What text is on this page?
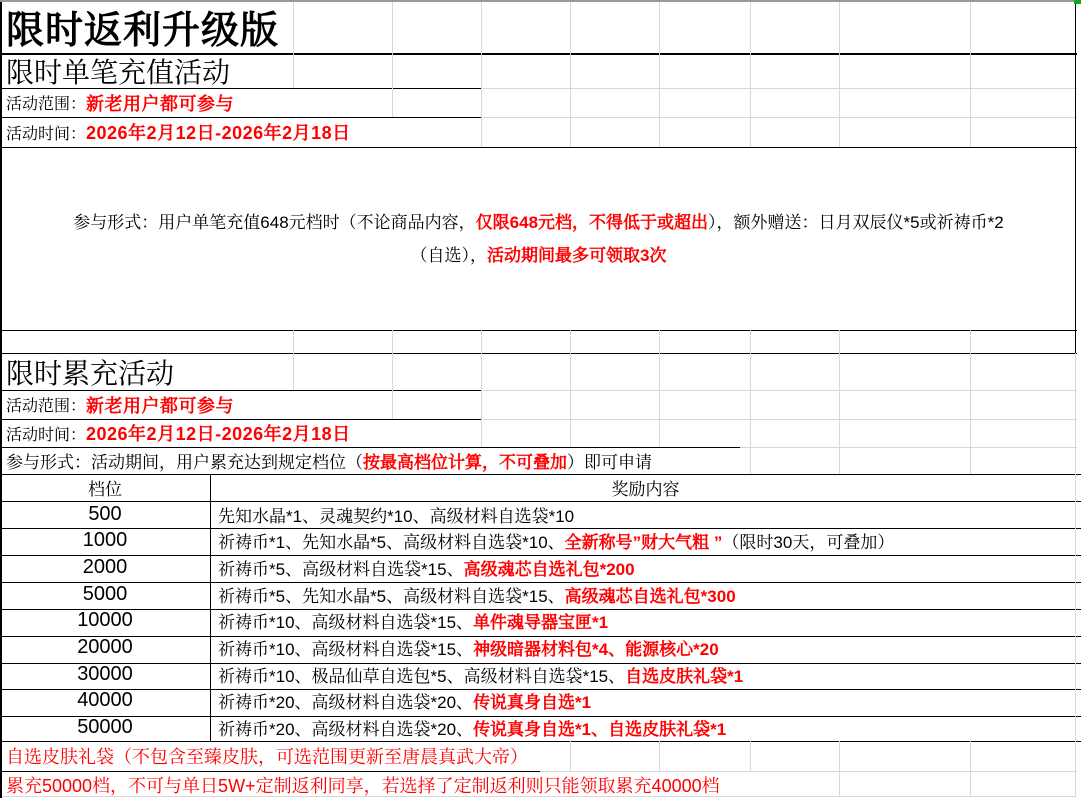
限时返利升级版
限时单笔充值活动
活动范围： 新老用户都可参与
活动时间： 2026年2月12日-2026年2月18日
参与形式：用户单笔充值648元档时（不论商品内容，仅限648元档，不得低于或超出），额外赠送：日月双辰仪*5或祈祷币*2（自选），活动期间最多可领取3次
限时累充活动
活动范围： 新老用户都可参与
活动时间： 2026年2月12日-2026年2月18日
参与形式：活动期间，用户累充达到规定档位（按最高档位计算，不可叠加）即可申请
档位	奖励内容
500	先知水晶*1、灵魂契约*10、高级材料自选袋*10
1000	祈祷币*1、先知水晶*5、高级材料自选袋*10、 全新称号”财大气粗 ” （限时30天，可叠加）
2000	祈祷币*5、高级材料自选袋*15、 高级魂芯自选礼包*200
5000	祈祷币*5、先知水晶*5、高级材料自选袋*15、 高级魂芯自选礼包*300
10000	祈祷币*10、高级材料自选袋*15、 单件魂导器宝匣*1
20000	祈祷币*10、高级材料自选袋*15、 神级暗器材料包*4、能源核心*20
30000	祈祷币*10、极品仙草自选包*5、高级材料自选袋*15、 自选皮肤礼袋*1
40000	祈祷币*20、高级材料自选袋*20、 传说真身自选*1
50000	祈祷币*20、高级材料自选袋*20、 传说真身自选*1、自选皮肤礼袋*1
自选皮肤礼袋（不包含至臻皮肤，可选范围更新至唐晨真武大帝）
累充50000档，不可与单日5W+定制返利同享，若选择了定制返利则只能领取累充40000档
